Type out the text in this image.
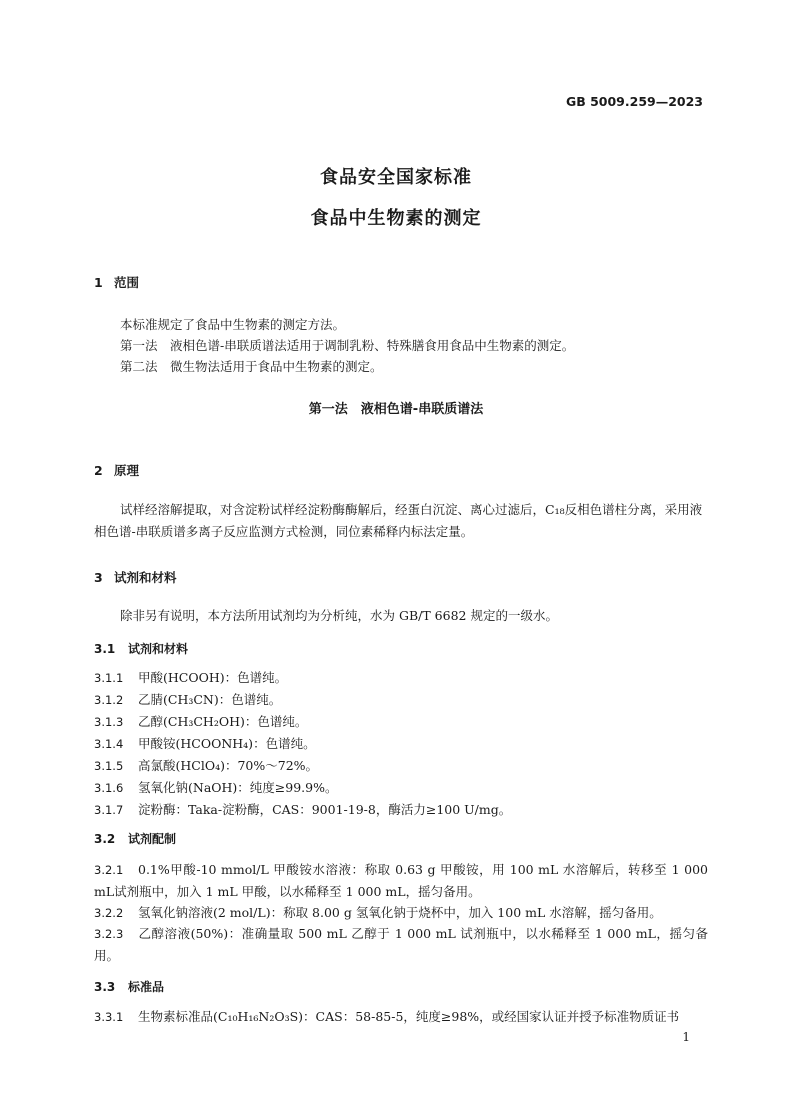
GB 5009.259—2023
食品安全国家标准
食品中生物素的测定
1 范围
本标准规定了食品中生物素的测定方法。
第一法　液相色谱-串联质谱法适用于调制乳粉、特殊膳食用食品中生物素的测定。
第二法　微生物法适用于食品中生物素的测定。
第一法　液相色谱-串联质谱法
2 原理
试样经溶解提取，对含淀粉试样经淀粉酶酶解后，经蛋白沉淀、离心过滤后，C₁₈反相色谱柱分离，采用液相色谱-串联质谱多离子反应监测方式检测，同位素稀释内标法定量。
3 试剂和材料
除非另有说明，本方法所用试剂均为分析纯，水为 GB/T 6682 规定的一级水。
3.1 试剂和材料
3.1.1 甲酸(HCOOH)：色谱纯。
3.1.2 乙腈(CH₃CN)：色谱纯。
3.1.3 乙醇(CH₃CH₂OH)：色谱纯。
3.1.4 甲酸铵(HCOONH₄)：色谱纯。
3.1.5 高氯酸(HClO₄)：70%～72%。
3.1.6 氢氧化钠(NaOH)：纯度≥99.9%。
3.1.7 淀粉酶：Taka-淀粉酶，CAS：9001-19-8，酶活力≥100 U/mg。
3.2 试剂配制
3.2.1 0.1%甲酸-10 mmol/L 甲酸铵水溶液：称取 0.63 g 甲酸铵，用 100 mL 水溶解后，转移至 1 000 mL试剂瓶中，加入 1 mL 甲酸，以水稀释至 1 000 mL，摇匀备用。
3.2.2 氢氧化钠溶液(2 mol/L)：称取 8.00 g 氢氧化钠于烧杯中，加入 100 mL 水溶解，摇匀备用。
3.2.3 乙醇溶液(50%)：准确量取 500 mL 乙醇于 1 000 mL 试剂瓶中，以水稀释至 1 000 mL，摇匀备用。
3.3 标准品
3.3.1 生物素标准品(C₁₀H₁₆N₂O₃S)：CAS：58-85-5，纯度≥98%，或经国家认证并授予标准物质证书
1
